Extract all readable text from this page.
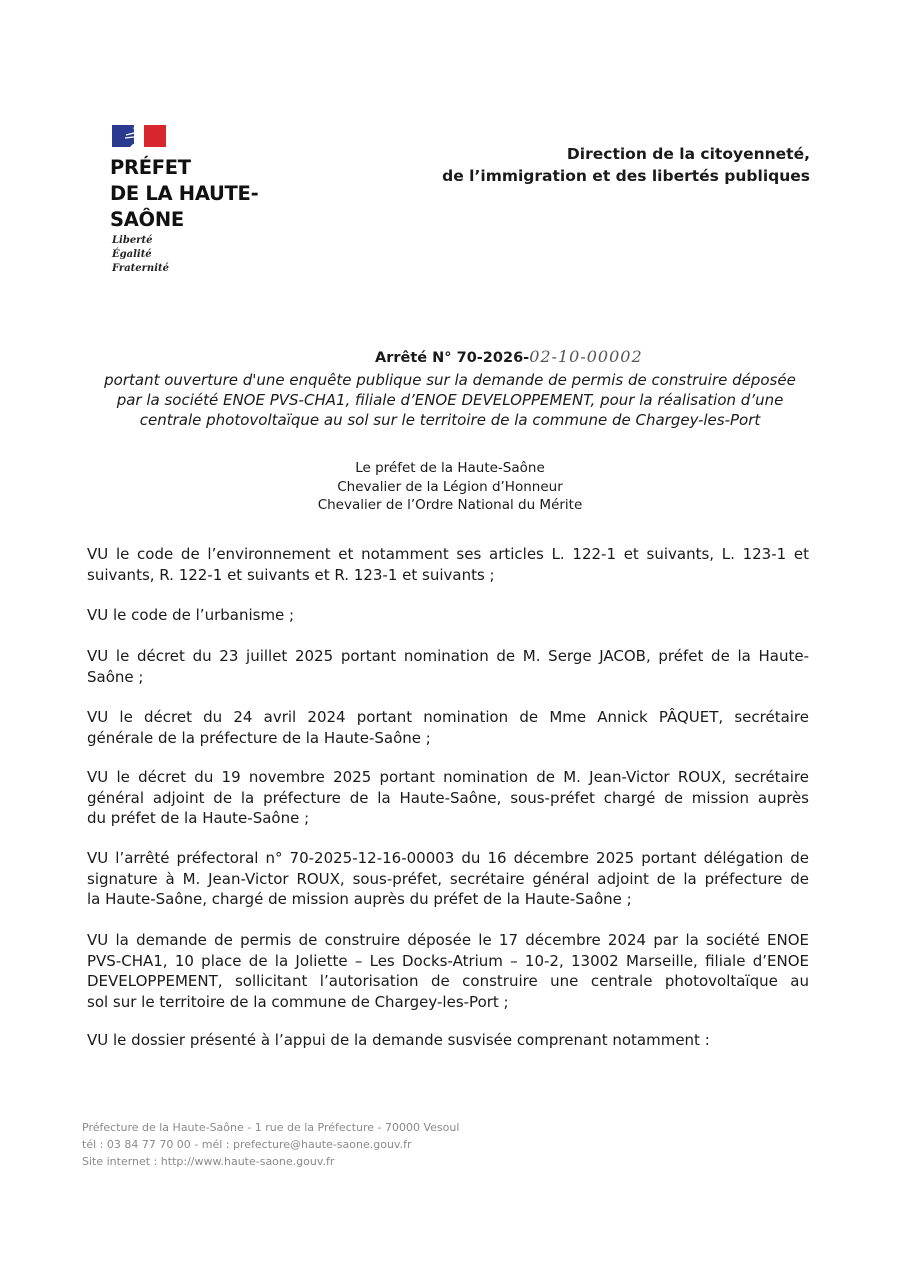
PRÉFET
DE LA HAUTE-
SAÔNE
Liberté
Égalité
Fraternité
Direction de la citoyenneté,
de l’immigration et des libertés publiques
Arrêté N° 70-2026-02-10-00002
portant ouverture d'une enquête publique sur la demande de permis de construire déposée
par la société ENOE PVS-CHA1, filiale d’ENOE DEVELOPPEMENT, pour la réalisation d’une
centrale photovoltaïque au sol sur le territoire de la commune de Chargey-les-Port
Le préfet de la Haute-Saône
Chevalier de la Légion d’Honneur
Chevalier de l’Ordre National du Mérite
VU le code de l’environnement et notamment ses articles L. 122-1 et suivants, L. 123-1 et
suivants, R. 122-1 et suivants et R. 123-1 et suivants ;
VU le code de l’urbanisme ;
VU le décret du 23 juillet 2025 portant nomination de M. Serge JACOB, préfet de la Haute-
Saône ;
VU le décret du 24 avril 2024 portant nomination de Mme Annick PÂQUET, secrétaire
générale de la préfecture de la Haute-Saône ;
VU le décret du 19 novembre 2025 portant nomination de M. Jean-Victor ROUX, secrétaire
général adjoint de la préfecture de la Haute-Saône, sous-préfet chargé de mission auprès
du préfet de la Haute-Saône ;
VU l’arrêté préfectoral n° 70-2025-12-16-00003 du 16 décembre 2025 portant délégation de
signature à M. Jean-Victor ROUX, sous-préfet, secrétaire général adjoint de la préfecture de
la Haute-Saône, chargé de mission auprès du préfet de la Haute-Saône ;
VU la demande de permis de construire déposée le 17 décembre 2024 par la société ENOE
PVS-CHA1, 10 place de la Joliette – Les Docks-Atrium – 10-2, 13002 Marseille, filiale d’ENOE
DEVELOPPEMENT, sollicitant l’autorisation de construire une centrale photovoltaïque au
sol sur le territoire de la commune de Chargey-les-Port ;
VU le dossier présenté à l’appui de la demande susvisée comprenant notamment :
Préfecture de la Haute-Saône - 1 rue de la Préfecture - 70000 Vesoul
tél : 03 84 77 70 00 - mél : prefecture@haute-saone.gouv.fr
Site internet : http://www.haute-saone.gouv.fr
